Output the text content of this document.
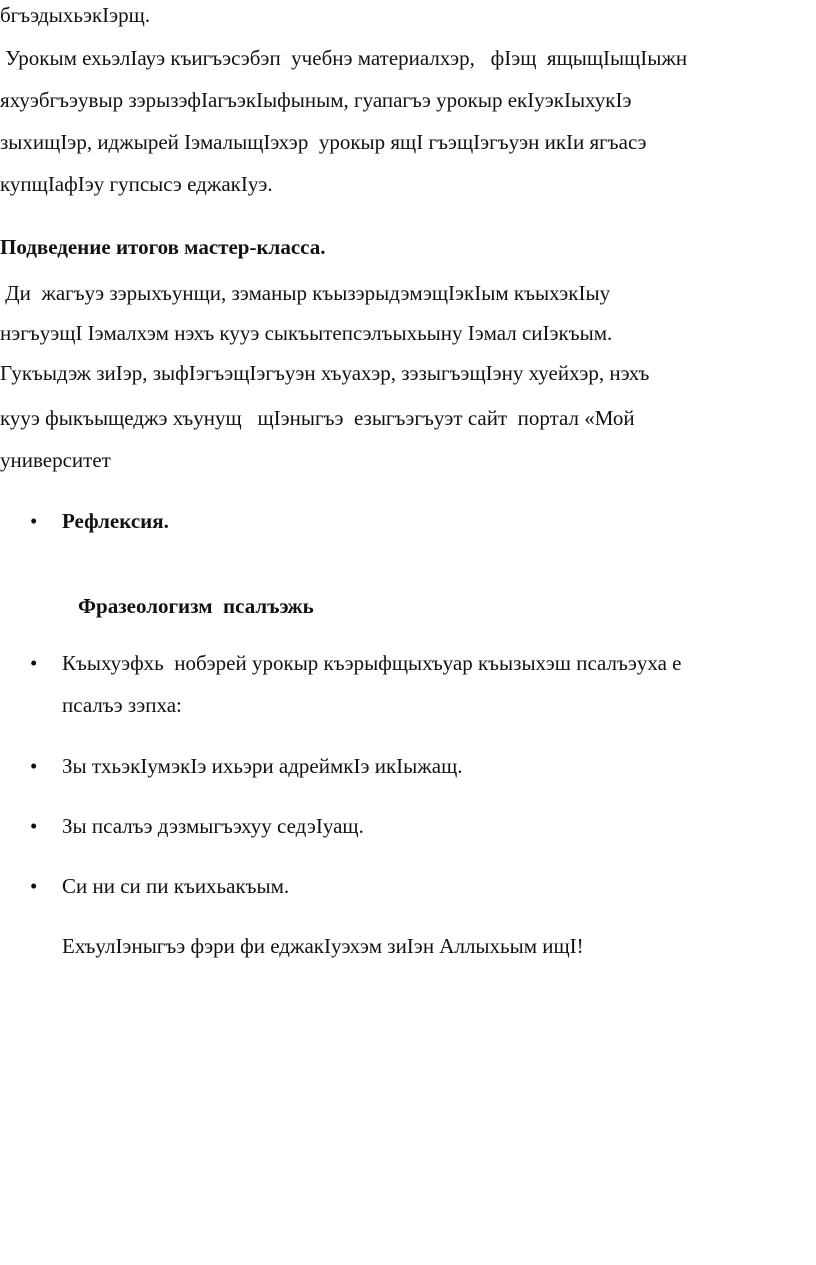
бгъэдыхьэкIэрщ.
Урокым ехьэлIауэ къигъэсэбэп  учебнэ материалхэр,   фIэщ  ящыщIыщIыжн
яхуэбгъэувыр зэрызэфIагъэкIыфыным, гуапагъэ урокыр екIуэкIыхукIэ
зыхищIэр, иджырей IэмалыщIэхэр  урокыр ящI гъэщIэгъуэн икIи ягъасэ
купщIафIэу гупсысэ еджакIуэ.
Подведение итогов мастер-класса.
Ди  жагъуэ зэрыхъунщи, зэманыр къызэрыдэмэщIэкIым къыхэкIыу
нэгъуэщI Iэмалхэм нэхъ кууэ сыкъытепсэлъыхьыну Iэмал сиIэкъым.
Гукъыдэж зиIэр, зыфIэгъэщIэгъуэн хъуахэр, зэзыгъэщIэну хуейхэр, нэхъ
кууэ фыкъыщеджэ хъунущ   щIэныгъэ  езыгъэгъуэт сайт  портал «Мой
университет
• Рефлексия.
Фразеологизм  псалъэжь
• Къыхуэфхь  нобэрей урокыр къэрыфщыхъуар къызыхэш псалъэуха е
псалъэ зэпха:
• Зы тхьэкIумэкIэ ихьэри адреймкIэ икIыжащ.
• Зы псалъэ дэзмыгъэхуу седэIуащ.
• Си ни си пи къихьакъым.
ЕхъулIэныгъэ фэри фи еджакIуэхэм зиIэн Аллыхьым ищI!
